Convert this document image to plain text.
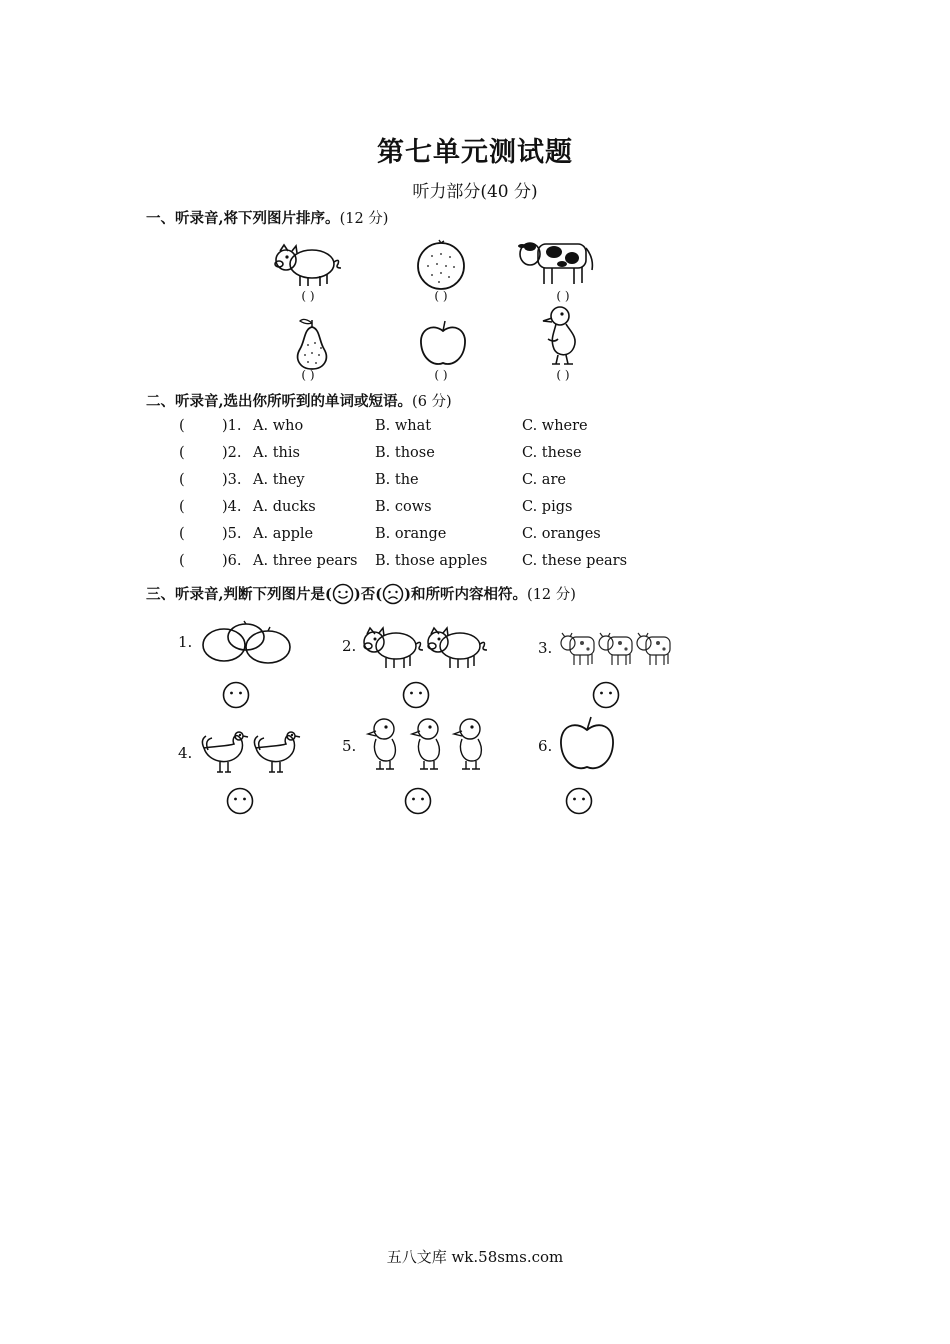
第七单元测试题
听力部分(40 分)
一、听录音,将下列图片排序。(12 分)
( )	( )	( )
( )	( )	( )
二、听录音,选出你所听到的单词或短语。(6 分)
(	)1. A. who	B. what	C. where
(	)2. A. this	B. those	C. these
(	)3. A. they	B. the	C. are
(	)4. A. ducks	B. cows	C. pigs
(	)5. A. apple	B. orange	C. oranges
(	)6. A. three pears B. those apples C. these pears
三、听录音,判断下列图片是( )否( )和所听内容相符。(12 分)
1.	2.	3.
4.	5.	6.
五八文库 wk.58sms.com
